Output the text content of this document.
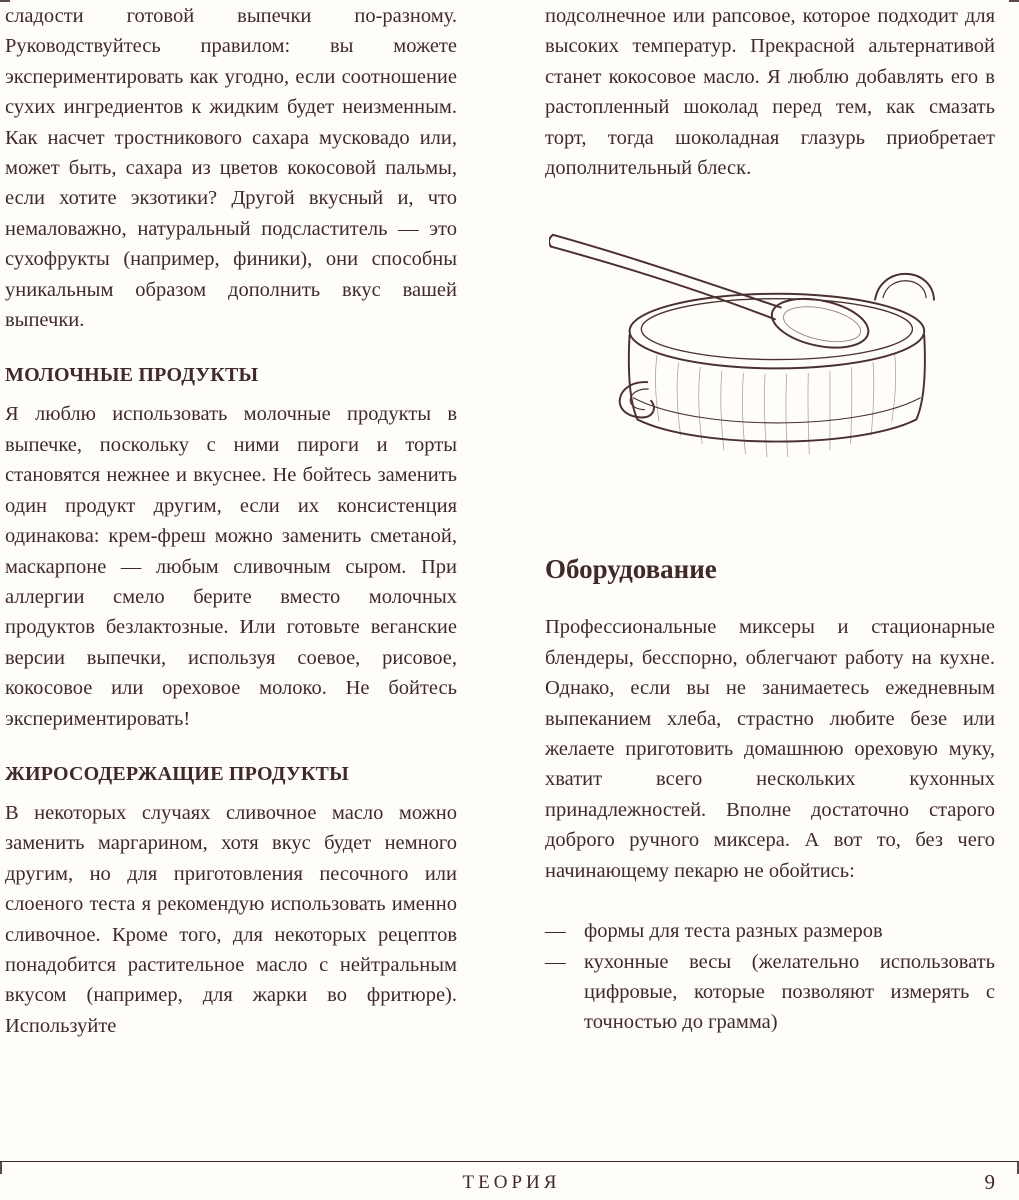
сладости готовой выпечки по-разному. Руководствуйтесь правилом: вы можете экспериментировать как угодно, если соотношение сухих ингредиентов к жидким будет неизменным. Как насчет тростникового сахара мусковадо или, может быть, сахара из цветов кокосовой пальмы, если хотите экзотики? Другой вкусный и, что немаловажно, натуральный подсластитель — это сухофрукты (например, финики), они способны уникальным образом дополнить вкус вашей выпечки.

МОЛОЧНЫЕ ПРОДУКТЫ

Я люблю использовать молочные продукты в выпечке, поскольку с ними пироги и торты становятся нежнее и вкуснее. Не бойтесь заменить один продукт другим, если их консистенция одинакова: крем-фреш можно заменить сметаной, маскарпоне — любым сливочным сыром. При аллергии смело берите вместо молочных продуктов безлактозные. Или готовьте веганские версии выпечки, используя соевое, рисовое, кокосовое или ореховое молоко. Не бойтесь экспериментировать!

ЖИРОСОДЕРЖАЩИЕ ПРОДУКТЫ

В некоторых случаях сливочное масло можно заменить маргарином, хотя вкус будет немного другим, но для приготовления песочного или слоеного теста я рекомендую использовать именно сливочное. Кроме того, для некоторых рецептов понадобится растительное масло с нейтральным вкусом (например, для жарки во фритюре). Используйте

подсолнечное или рапсовое, которое подходит для высоких температур. Прекрасной альтернативой станет кокосовое масло. Я люблю добавлять его в растопленный шоколад перед тем, как смазать торт, тогда шоколадная глазурь приобретает дополнительный блеск.

Оборудование

Профессиональные миксеры и стационарные блендеры, бесспорно, облегчают работу на кухне. Однако, если вы не занимаетесь ежедневным выпеканием хлеба, страстно любите безе или желаете приготовить домашнюю ореховую муку, хватит всего нескольких кухонных принадлежностей. Вполне достаточно старого доброго ручного миксера. А вот то, без чего начинающему пекарю не обойтись:

— формы для теста разных размеров
— кухонные весы (желательно использовать цифровые, которые позволяют измерять с точностью до грамма)
ТЕОРИЯ	9
